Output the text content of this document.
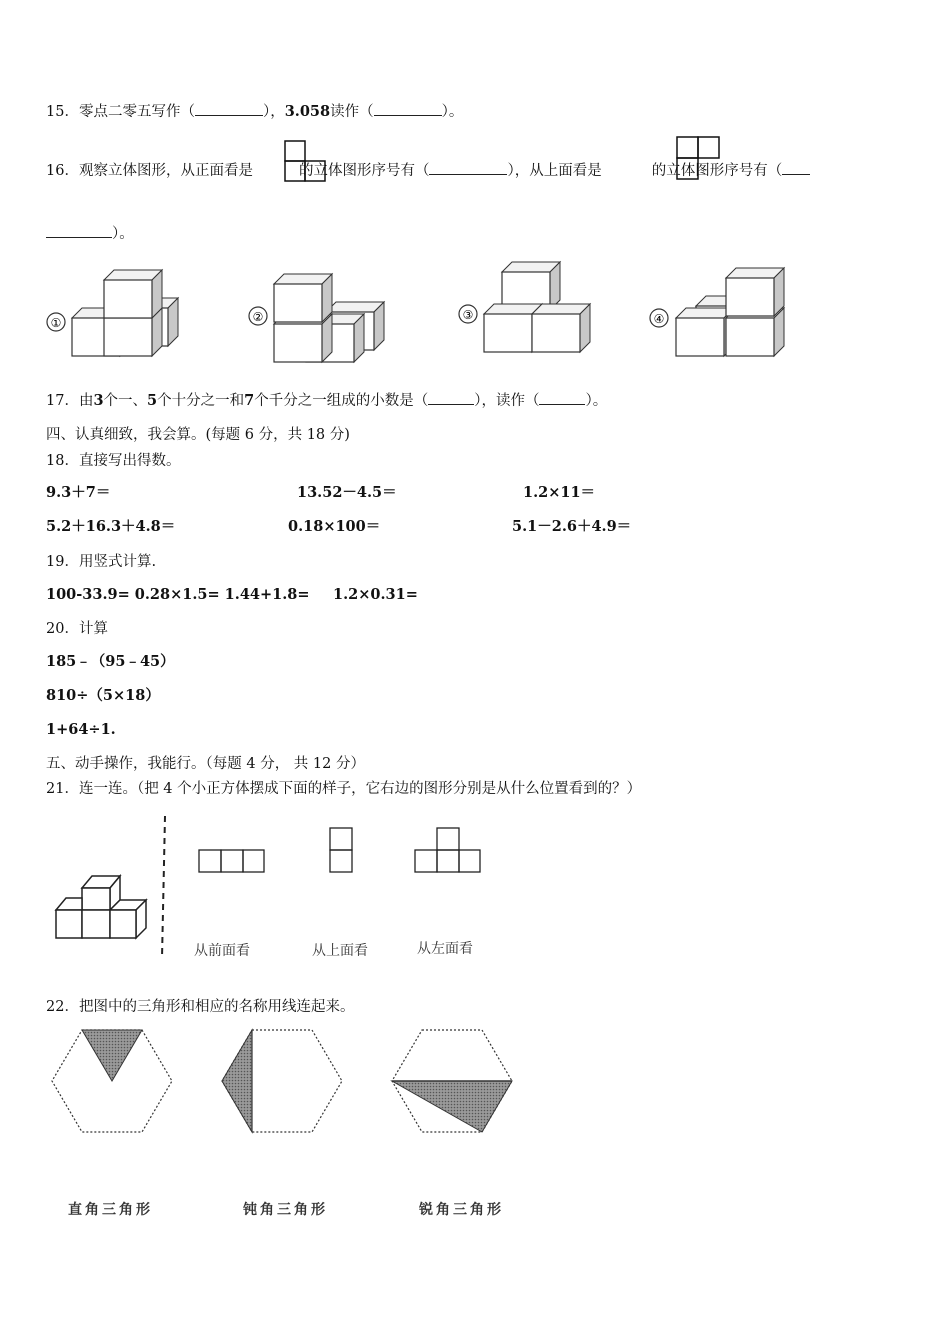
15．零点二零五写作（	），3.058读作（	）。
16．观察立体图形，从正面看是	的立体图形序号有（	），从上面看是	的立体图形序号有（
）。
①	②	③	④
17．由3个一、5个十分之一和7个千分之一组成的小数是（	），读作（	）。
四、认真细致，我会算。(每题 6 分，共 18 分)
18．直接写出得数。
9.3＋7＝	13.52－4.5＝	1.2×11＝
5.2＋16.3＋4.8＝	0.18×100＝	5.1－2.6＋4.9＝
19．用竖式计算.
100-33.9= 0.28×1.5= 1.44+1.8= 1.2×0.31=
20．计算
185﹣（95﹣45）
810÷（5×18）
1+64÷1.
五、动手操作，我能行。（每题 4 分， 共 12 分）
21．连一连。（把 4 个小正方体摆成下面的样子，它右边的图形分别是从什么位置看到的？）
从前面看	从上面看	从左面看
22．把图中的三角形和相应的名称用线连起来。
直角三角形	钝角三角形	锐角三角形
